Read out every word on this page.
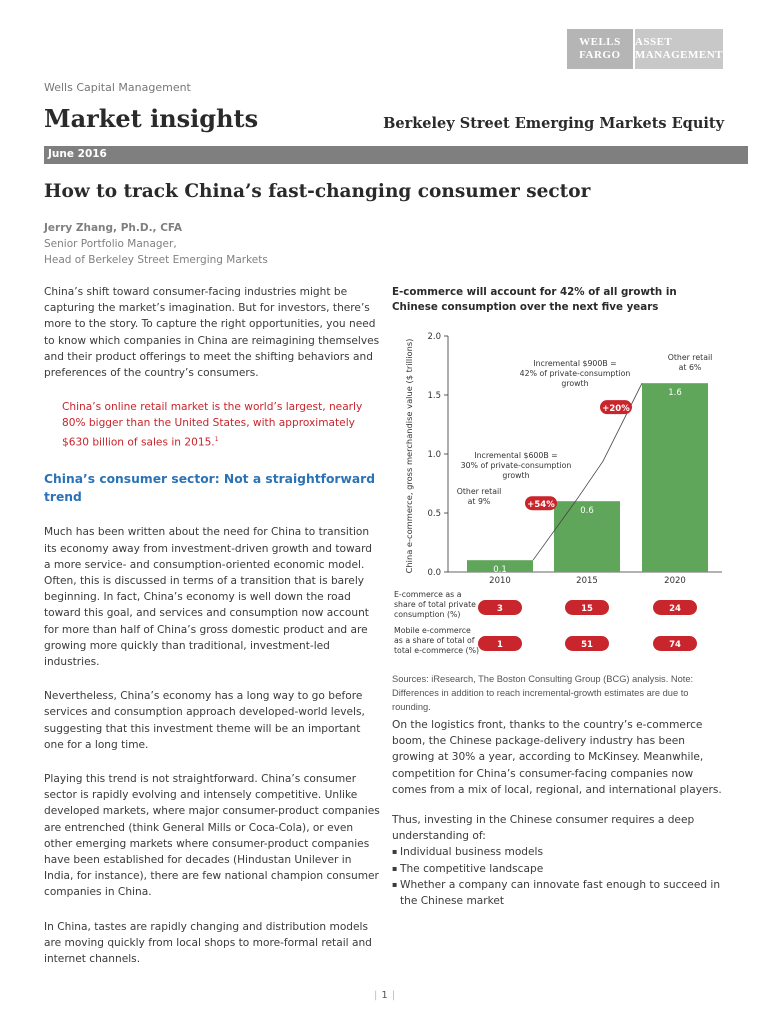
WELLS
FARGO
ASSET
MANAGEMENT
Wells Capital Management
Market insights	Berkeley Street Emerging Markets Equity
June 2016
How to track China’s fast-changing consumer sector
Jerry Zhang, Ph.D., CFA
Senior Portfolio Manager,
Head of Berkeley Street Emerging Markets

China’s shift toward consumer-facing industries might be capturing the market’s imagination. But for investors, there’s more to the story. To capture the right opportunities, you need to know which companies in China are reimagining themselves and their product offerings to meet the shifting behaviors and preferences of the country’s consumers.

China’s online retail market is the world’s largest, nearly 80% bigger than the United States, with approximately $630 billion of sales in 2015.$^1$

China’s consumer sector: Not a straightforward trend

Much has been written about the need for China to transition its economy away from investment-driven growth and toward a more service- and consumption-oriented economic model. Often, this is discussed in terms of a transition that is barely beginning. In fact, China’s economy is well down the road toward this goal, and services and consumption now account for more than half of China’s gross domestic product and are growing more quickly than traditional, investment-led industries.

Nevertheless, China’s economy has a long way to go before services and consumption approach developed-world levels, suggesting that this investment theme will be an important one for a long time.

Playing this trend is not straightforward. China’s consumer sector is rapidly evolving and intensely competitive. Unlike developed markets, where major consumer-product companies are entrenched (think General Mills or Coca-Cola), or even other emerging markets where consumer-product companies have been established for decades (Hindustan Unilever in India, for instance), there are few national champion consumer companies in China.

In China, tastes are rapidly changing and distribution models are moving quickly from local shops to more-formal retail and internet channels.

E-commerce will account for 42% of all growth in Chinese consumption over the next five years
China e-commerce, gross merchandise value ($ trillions) 0.0
0.5
1.0
1.5
2.0
0.1
2010
0.6
2015
1.6
2020
+54%
+20%
Incremental $600B =
30% of private-consumption
growth
Incremental $900B =
42% of private-consumption
growth
Other retail
at 9%
Other retail
at 6%
E-commerce as a
share of total private
consumption (%)
3	15	24
Mobile e-commerce
as a share of total of
total e-commerce (%)
1	51	74
Sources: iResearch, The Boston Consulting Group (BCG) analysis. Note: Differences in addition to reach incremental-growth estimates are due to rounding.

On the logistics front, thanks to the country’s e-commerce boom, the Chinese package-delivery industry has been growing at 30% a year, according to McKinsey. Meanwhile, competition for China’s consumer-facing companies now comes from a mix of local, regional, and international players.

Thus, investing in the Chinese consumer requires a deep understanding of:

▪ Individual business models
▪ The competitive landscape
▪ Whether a company can innovate fast enough to succeed in the Chinese market
| 1 |
